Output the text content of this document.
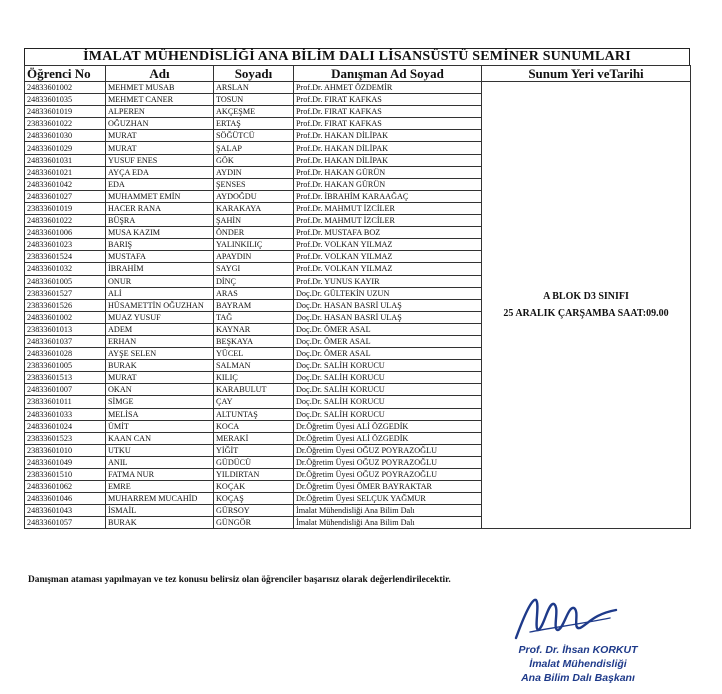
İMALAT MÜHENDİSLİĞİ ANA BİLİM DALI LİSANSÜSTÜ SEMİNER SUNUMLARI
Öğrenci No	Adı	Soyadı	Danışman Ad Soyad	Sunum Yeri veTarihi
24833601002	MEHMET MUSAB	ARSLAN	Prof.Dr. AHMET ÖZDEMİR	A BLOK D3 SINIFI
25 ARALIK ÇARŞAMBA SAAT:09.00

24833601035	MEHMET CANER	TOSUN	Prof.Dr. FIRAT KAFKAS	
24833601019	ALPEREN	AKÇEŞME	Prof.Dr. FIRAT KAFKAS	
23833601022	OĞUZHAN	ERTAŞ	Prof.Dr. FIRAT KAFKAS	
24833601030	MURAT	SÖĞÜTCÜ	Prof.Dr. HAKAN DİLİPAK	
24833601029	MURAT	ŞALAP	Prof.Dr. HAKAN DİLİPAK	
24833601031	YUSUF ENES	GÖK	Prof.Dr. HAKAN DİLİPAK	
24833601021	AYÇA EDA	AYDIN	Prof.Dr. HAKAN GÜRÜN	
24833601042	EDA	ŞENSES	Prof.Dr. HAKAN GÜRÜN	
24833601027	MUHAMMET EMİN	AYDOĞDU	Prof.Dr. İBRAHİM KARAAĞAÇ	
23833601019	HACER RANA	KARAKAYA	Prof.Dr. MAHMUT İZCİLER	
24833601022	BÜŞRA	ŞAHİN	Prof.Dr. MAHMUT İZCİLER	
24833601006	MUSA KAZIM	ÖNDER	Prof.Dr. MUSTAFA BOZ	
24833601023	BARIŞ	YALINKILIÇ	Prof.Dr. VOLKAN YILMAZ	
23833601524	MUSTAFA	APAYDIN	Prof.Dr. VOLKAN YILMAZ	
24833601032	İBRAHİM	SAYGI	Prof.Dr. VOLKAN YILMAZ	
24833601005	ONUR	DİNÇ	Prof.Dr. YUNUS KAYIR	
23833601527	ALİ	ARAS	Doç.Dr. GÜLTEKİN UZUN	
23833601526	HÜSAMETTİN OĞUZHAN	BAYRAM	Doç.Dr. HASAN BASRİ ULAŞ	
24833601002	MUAZ YUSUF	TAĞ	Doç.Dr. HASAN BASRİ ULAŞ	
23833601013	ADEM	KAYNAR	Doç.Dr. ÖMER ASAL	
24833601037	ERHAN	BEŞKAYA	Doç.Dr. ÖMER ASAL	
24833601028	AYŞE SELEN	YÜCEL	Doç.Dr. ÖMER ASAL	
23833601005	BURAK	SALMAN	Doç.Dr. SALİH KORUCU	
23833601513	MURAT	KILIÇ	Doç.Dr. SALİH KORUCU	
24833601007	OKAN	KARABULUT	Doç.Dr. SALİH KORUCU	
23833601011	SİMGE	ÇAY	Doç.Dr. SALİH KORUCU	
24833601033	MELİSA	ALTUNTAŞ	Doç.Dr. SALİH KORUCU	
24833601024	ÜMİT	KOCA	Dr.Öğretim Üyesi ALİ ÖZGEDİK	
23833601523	KAAN CAN	MERAKİ	Dr.Öğretim Üyesi ALİ ÖZGEDİK	
23833601010	UTKU	YİĞİT	Dr.Öğretim Üyesi OĞUZ POYRAZOĞLU	
24833601049	ANIL	GÜDÜCÜ	Dr.Öğretim Üyesi OĞUZ POYRAZOĞLU	
23833601510	FATMA NUR	YILDIRTAN	Dr.Öğretim Üyesi OĞUZ POYRAZOĞLU	
24833601062	EMRE	KOÇAK	Dr.Öğretim Üyesi ÖMER BAYRAKTAR	
24833601046	MUHARREM MUCAHİD	KOÇAŞ	Dr.Öğretim Üyesi SELÇUK YAĞMUR	
24833601043	İSMAİL	GÜRSOY	İmalat Mühendisliği Ana Bilim Dalı	
24833601057	BURAK	GÜNGÖR	İmalat Mühendisliği Ana Bilim Dalı	
Danışman ataması yapılmayan ve tez konusu belirsiz olan öğrenciler başarısız olarak değerlendirilecektir.
Prof. Dr. İhsan KORKUT
İmalat Mühendisliği
Ana Bilim Dalı Başkanı
